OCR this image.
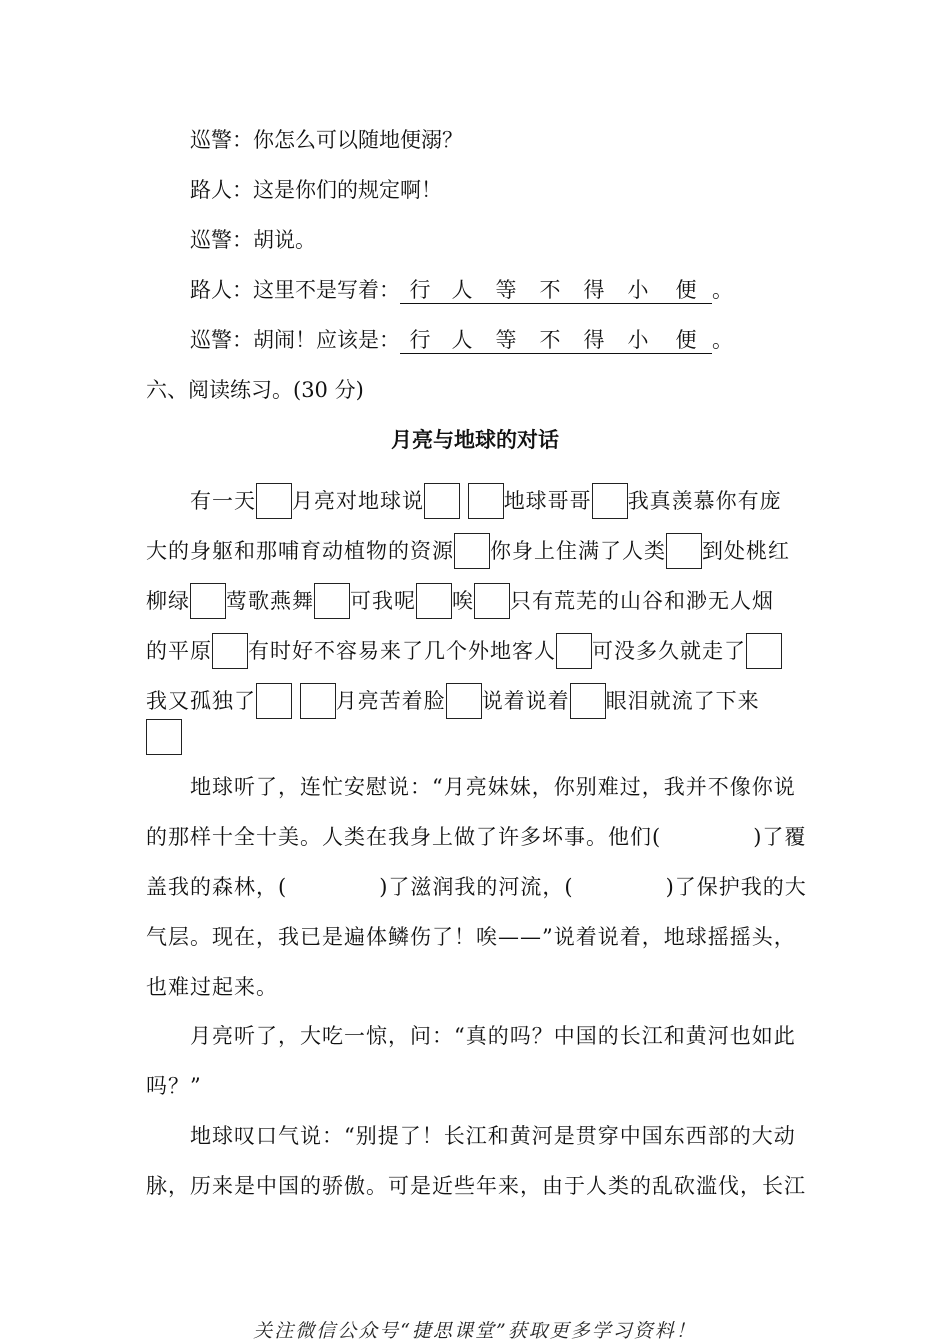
巡警：你怎么可以随地便溺？
路人：这是你们的规定啊！
巡警：胡说。
路人：这里不是写着： 行 人 等 不 得 小 便 。
巡警：胡闹！应该是： 行 人 等 不 得 小 便 。
六、阅读练习。(30 分)
月亮与地球的对话
有一天 月亮对地球说	地球哥哥 我真羡慕你有庞
大的身躯和那哺育动植物的资源 你身上住满了人类 到处桃红
柳绿 莺歌燕舞 可我呢 唉 只有荒芜的山谷和渺无人烟
的平原 有时好不容易来了几个外地客人 可没多久就走了
我又孤独了	月亮苦着脸 说着说着 眼泪就流了下来
地球听了，连忙安慰说：“月亮妹妹，你别难过，我并不像你说
的那样十全十美。人类在我身上做了许多坏事。他们(	)了覆
盖我的森林，(	)了滋润我的河流，(	)了保护我的大
气层。现在，我已是遍体鳞伤了！唉——”说着说着，地球摇摇头，
也难过起来。
月亮听了，大吃一惊，问：“真的吗？中国的长江和黄河也如此
吗？”
地球叹口气说：“别提了！长江和黄河是贯穿中国东西部的大动
脉，历来是中国的骄傲。可是近些年来，由于人类的乱砍滥伐，长江
关注微信公众号“捷思课堂”获取更多学习资料！
